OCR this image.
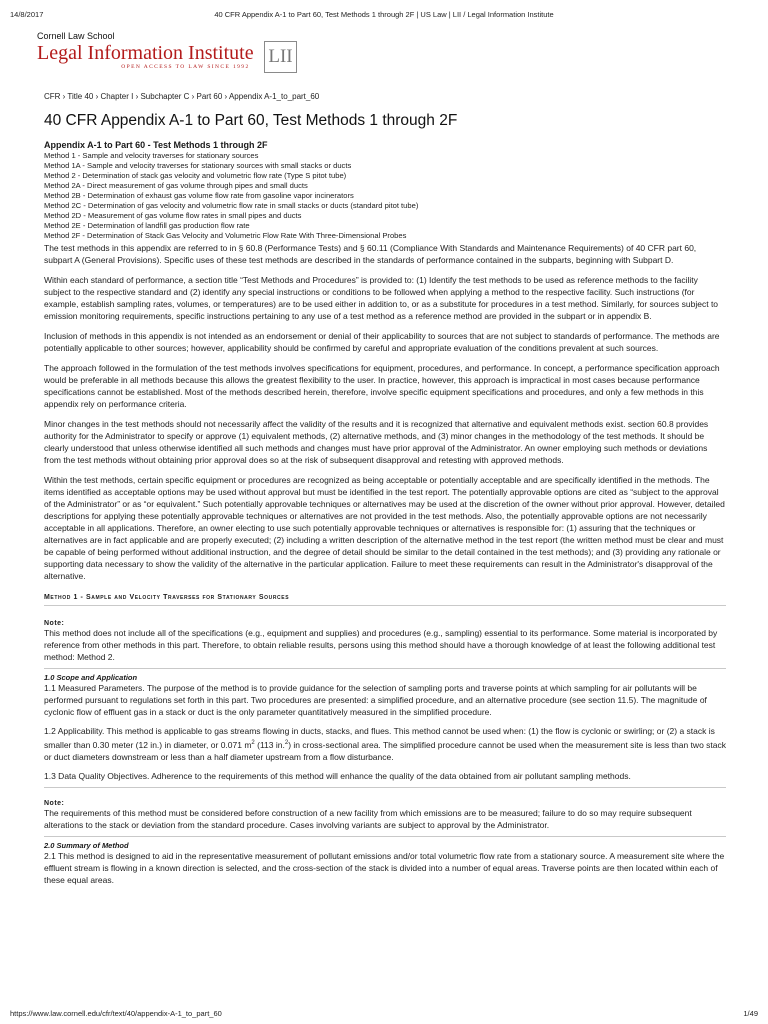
14/8/2017	40 CFR Appendix A-1 to Part 60, Test Methods 1 through 2F | US Law | LII / Legal Information Institute
Cornell Law School
Legal Information Institute
OPEN ACCESS TO LAW SINCE 1992 LII
CFR › Title 40 › Chapter I › Subchapter C › Part 60 › Appendix A-1_to_part_60
40 CFR Appendix A-1 to Part 60, Test Methods 1 through 2F
Appendix A-1 to Part 60 - Test Methods 1 through 2F
Method 1 - Sample and velocity traverses for stationary sources
Method 1A - Sample and velocity traverses for stationary sources with small stacks or ducts
Method 2 - Determination of stack gas velocity and volumetric flow rate (Type S pitot tube)
Method 2A - Direct measurement of gas volume through pipes and small ducts
Method 2B - Determination of exhaust gas volume flow rate from gasoline vapor incinerators
Method 2C - Determination of gas velocity and volumetric flow rate in small stacks or ducts (standard pitot tube)
Method 2D - Measurement of gas volume flow rates in small pipes and ducts
Method 2E - Determination of landfill gas production flow rate
Method 2F - Determination of Stack Gas Velocity and Volumetric Flow Rate With Three-Dimensional Probes

The test methods in this appendix are referred to in § 60.8 (Performance Tests) and § 60.11 (Compliance With Standards and Maintenance Requirements) of 40 CFR part 60, subpart A (General Provisions). Specific uses of these test methods are described in the standards of performance contained in the subparts, beginning with Subpart D.

Within each standard of performance, a section title “Test Methods and Procedures” is provided to: (1) Identify the test methods to be used as reference methods to the facility subject to the respective standard and (2) identify any special instructions or conditions to be followed when applying a method to the respective facility. Such instructions (for example, establish sampling rates, volumes, or temperatures) are to be used either in addition to, or as a substitute for procedures in a test method. Similarly, for sources subject to emission monitoring requirements, specific instructions pertaining to any use of a test method as a reference method are provided in the subpart or in appendix B.

Inclusion of methods in this appendix is not intended as an endorsement or denial of their applicability to sources that are not subject to standards of performance. The methods are potentially applicable to other sources; however, applicability should be confirmed by careful and appropriate evaluation of the conditions prevalent at such sources.

The approach followed in the formulation of the test methods involves specifications for equipment, procedures, and performance. In concept, a performance specification approach would be preferable in all methods because this allows the greatest flexibility to the user. In practice, however, this approach is impractical in most cases because performance specifications cannot be established. Most of the methods described herein, therefore, involve specific equipment specifications and procedures, and only a few methods in this appendix rely on performance criteria.

Minor changes in the test methods should not necessarily affect the validity of the results and it is recognized that alternative and equivalent methods exist. section 60.8 provides authority for the Administrator to specify or approve (1) equivalent methods, (2) alternative methods, and (3) minor changes in the methodology of the test methods. It should be clearly understood that unless otherwise identified all such methods and changes must have prior approval of the Administrator. An owner employing such methods or deviations from the test methods without obtaining prior approval does so at the risk of subsequent disapproval and retesting with approved methods.

Within the test methods, certain specific equipment or procedures are recognized as being acceptable or potentially acceptable and are specifically identified in the methods. The items identified as acceptable options may be used without approval but must be identified in the test report. The potentially approvable options are cited as “subject to the approval of the Administrator” or as “or equivalent.” Such potentially approvable techniques or alternatives may be used at the discretion of the owner without prior approval. However, detailed descriptions for applying these potentially approvable techniques or alternatives are not provided in the test methods. Also, the potentially approvable options are not necessarily acceptable in all applications. Therefore, an owner electing to use such potentially approvable techniques or alternatives is responsible for: (1) assuring that the techniques or alternatives are in fact applicable and are properly executed; (2) including a written description of the alternative method in the test report (the written method must be clear and must be capable of being performed without additional instruction, and the degree of detail should be similar to the detail contained in the test methods); and (3) providing any rationale or supporting data necessary to show the validity of the alternative in the particular application. Failure to meet these requirements can result in the Administrator's disapproval of the alternative.

Method 1 - Sample and Velocity Traverses for Stationary Sources
Note:
This method does not include all of the specifications (e.g., equipment and supplies) and procedures (e.g., sampling) essential to its performance. Some material is incorporated by reference from other methods in this part. Therefore, to obtain reliable results, persons using this method should have a thorough knowledge of at least the following additional test method: Method 2.
1.0 Scope and Application

1.1 Measured Parameters. The purpose of the method is to provide guidance for the selection of sampling ports and traverse points at which sampling for air pollutants will be performed pursuant to regulations set forth in this part. Two procedures are presented: a simplified procedure, and an alternative procedure (see section 11.5). The magnitude of cyclonic flow of effluent gas in a stack or duct is the only parameter quantitatively measured in the simplified procedure.

1.2 Applicability. This method is applicable to gas streams flowing in ducts, stacks, and flues. This method cannot be used when: (1) the flow is cyclonic or swirling; or (2) a stack is smaller than 0.30 meter (12 in.) in diameter, or 0.071 $m^2$ (113 in.$^2$) in cross-sectional area. The simplified procedure cannot be used when the measurement site is less than two stack or duct diameters downstream or less than a half diameter upstream from a flow disturbance.

1.3 Data Quality Objectives. Adherence to the requirements of this method will enhance the quality of the data obtained from air pollutant sampling methods.

Note:
The requirements of this method must be considered before construction of a new facility from which emissions are to be measured; failure to do so may require subsequent alterations to the stack or deviation from the standard procedure. Cases involving variants are subject to approval by the Administrator.
2.0 Summary of Method

2.1 This method is designed to aid in the representative measurement of pollutant emissions and/or total volumetric flow rate from a stationary source. A measurement site where the effluent stream is flowing in a known direction is selected, and the cross-section of the stack is divided into a number of equal areas. Traverse points are then located within each of these equal areas.

https://www.law.cornell.edu/cfr/text/40/appendix-A-1_to_part_60	1/49
